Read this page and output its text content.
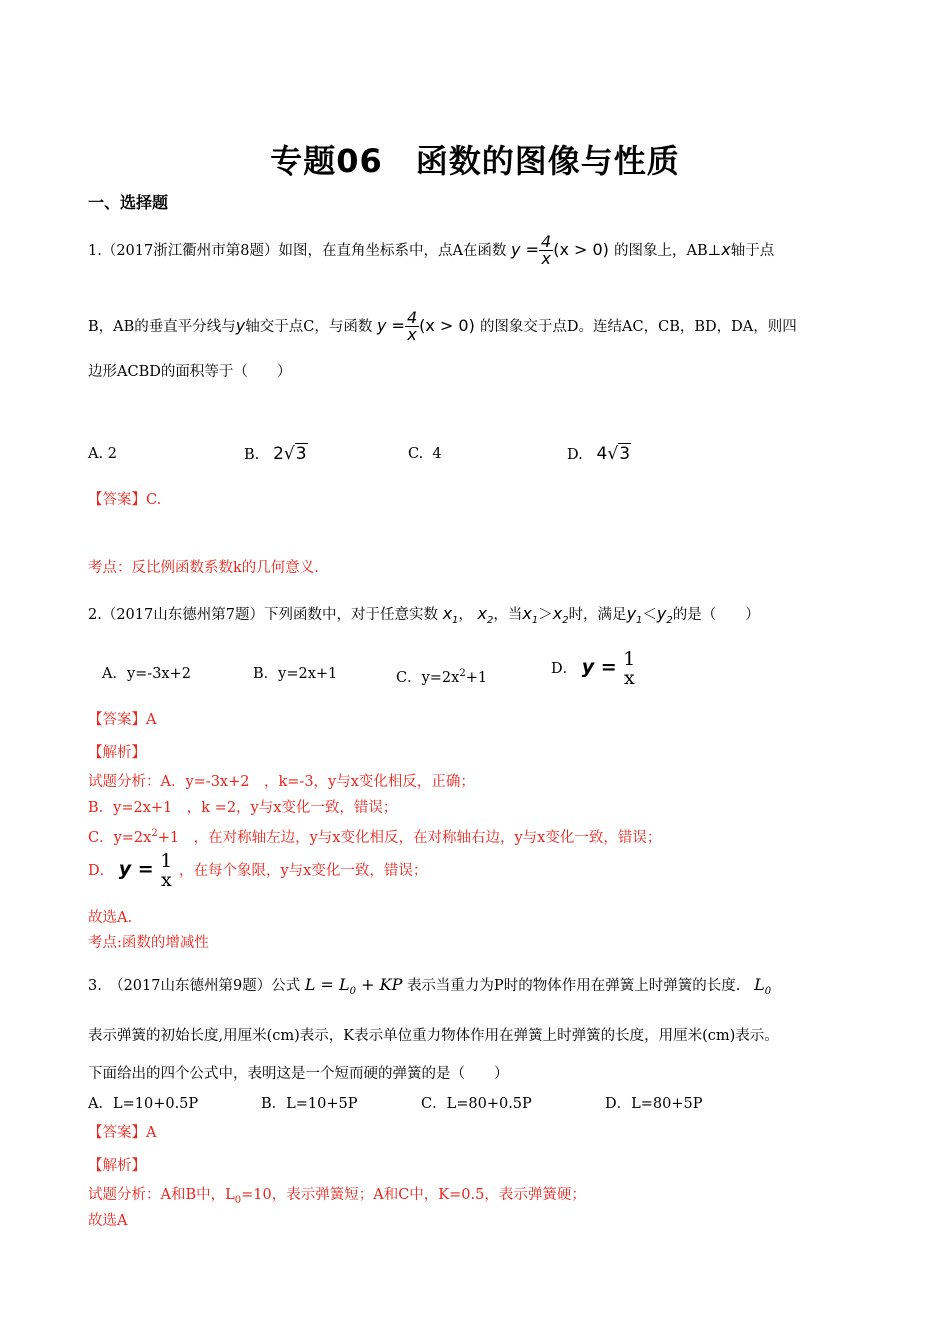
专题06　函数的图像与性质
一、选择题
1.（2017浙江衢州市第8题）如图，在直角坐标系中，点A在函数 $y = \frac{4}{x} (x > 0)$ 的图象上，AB⊥x轴于点
B，AB的垂直平分线与y轴交于点C，与函数 $y = \frac{4}{x} (x > 0)$ 的图象交于点D。连结AC，CB，BD，DA，则四
边形ACBD的面积等于（　　）
A. 2	B. 2√3	C. 4	D. 4√3
【答案】C.
考点：反比例函数系数k的几何意义.
2.（2017山东德州第7题）下列函数中，对于任意实数 $x_1$， $x_2$，当$x_1>x_2$时，满足$y_1<y_2$的是（　　）
A．y=-3x+2	B．y=2x+1	C．$y=2x^2+1$
D． y = 1
x
【答案】A
【解析】
试题分析：A．y=-3x+2　，k=-3，y与x变化相反，正确；
B．y=2x+1　，k =2，y与x变化一致，错误；
C．$y=2x^2+1$　，在对称轴左边，y与x变化相反，在对称轴右边，y与x变化一致，错误；
D． y = 1
x ，在每个象限，y与x变化一致，错误；
故选A.
考点:函数的增减性
3.　（2017山东德州第9题）公式 $L = L_0$ + KP 表示当重力为P时的物体作用在弹簧上时弹簧的长度. $L_0$
表示弹簧的初始长度,用厘米(cm)表示，K表示单位重力物体作用在弹簧上时弹簧的长度，用厘米(cm)表示。
下面给出的四个公式中，表明这是一个短而硬的弹簧的是（　　）
A．L=10+0.5P	B．L=10+5P	C．L=80+0.5P	D．L=80+5P
【答案】A
【解析】
试题分析：A和B中，$L_0=10$，表示弹簧短；A和C中，K=0.5，表示弹簧硬；
故选A
